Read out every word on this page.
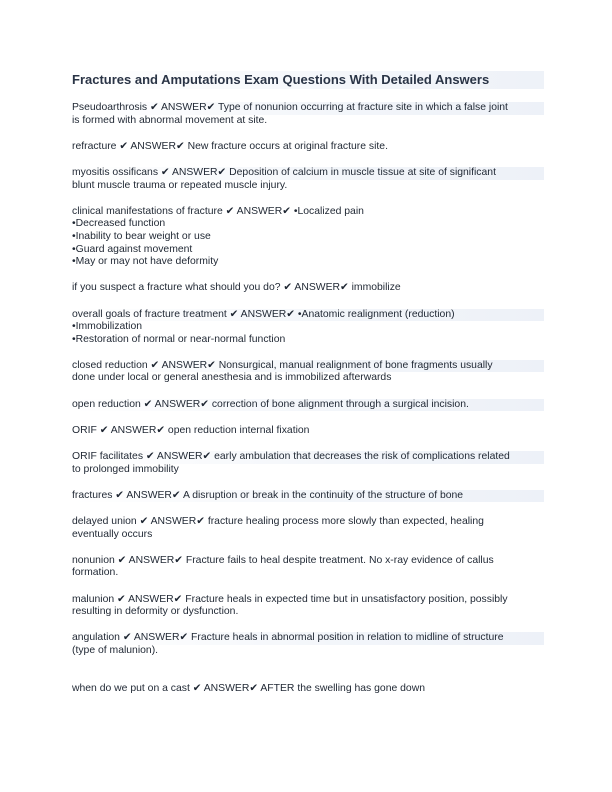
Fractures and Amputations Exam Questions With Detailed Answers
Pseudoarthrosis ✔ ANSWER✔ Type of nonunion occurring at fracture site in which a false joint
is formed with abnormal movement at site.
refracture ✔ ANSWER✔ New fracture occurs at original fracture site.
myositis ossificans ✔ ANSWER✔ Deposition of calcium in muscle tissue at site of significant
blunt muscle trauma or repeated muscle injury.
clinical manifestations of fracture ✔ ANSWER✔ •Localized pain
•Decreased function
•Inability to bear weight or use
•Guard against movement
•May or may not have deformity
if you suspect a fracture what should you do? ✔ ANSWER✔ immobilize
overall goals of fracture treatment ✔ ANSWER✔ •Anatomic realignment (reduction)
•Immobilization
•Restoration of normal or near-normal function
closed reduction ✔ ANSWER✔ Nonsurgical, manual realignment of bone fragments usually
done under local or general anesthesia and is immobilized afterwards
open reduction ✔ ANSWER✔ correction of bone alignment through a surgical incision.
ORIF ✔ ANSWER✔ open reduction internal fixation
ORIF facilitates ✔ ANSWER✔ early ambulation that decreases the risk of complications related
to prolonged immobility
fractures ✔ ANSWER✔ A disruption or break in the continuity of the structure of bone
delayed union ✔ ANSWER✔ fracture healing process more slowly than expected, healing
eventually occurs
nonunion ✔ ANSWER✔ Fracture fails to heal despite treatment. No x-ray evidence of callus
formation.
malunion ✔ ANSWER✔ Fracture heals in expected time but in unsatisfactory position, possibly
resulting in deformity or dysfunction.
angulation ✔ ANSWER✔ Fracture heals in abnormal position in relation to midline of structure
(type of malunion).
when do we put on a cast ✔ ANSWER✔ AFTER the swelling has gone down
